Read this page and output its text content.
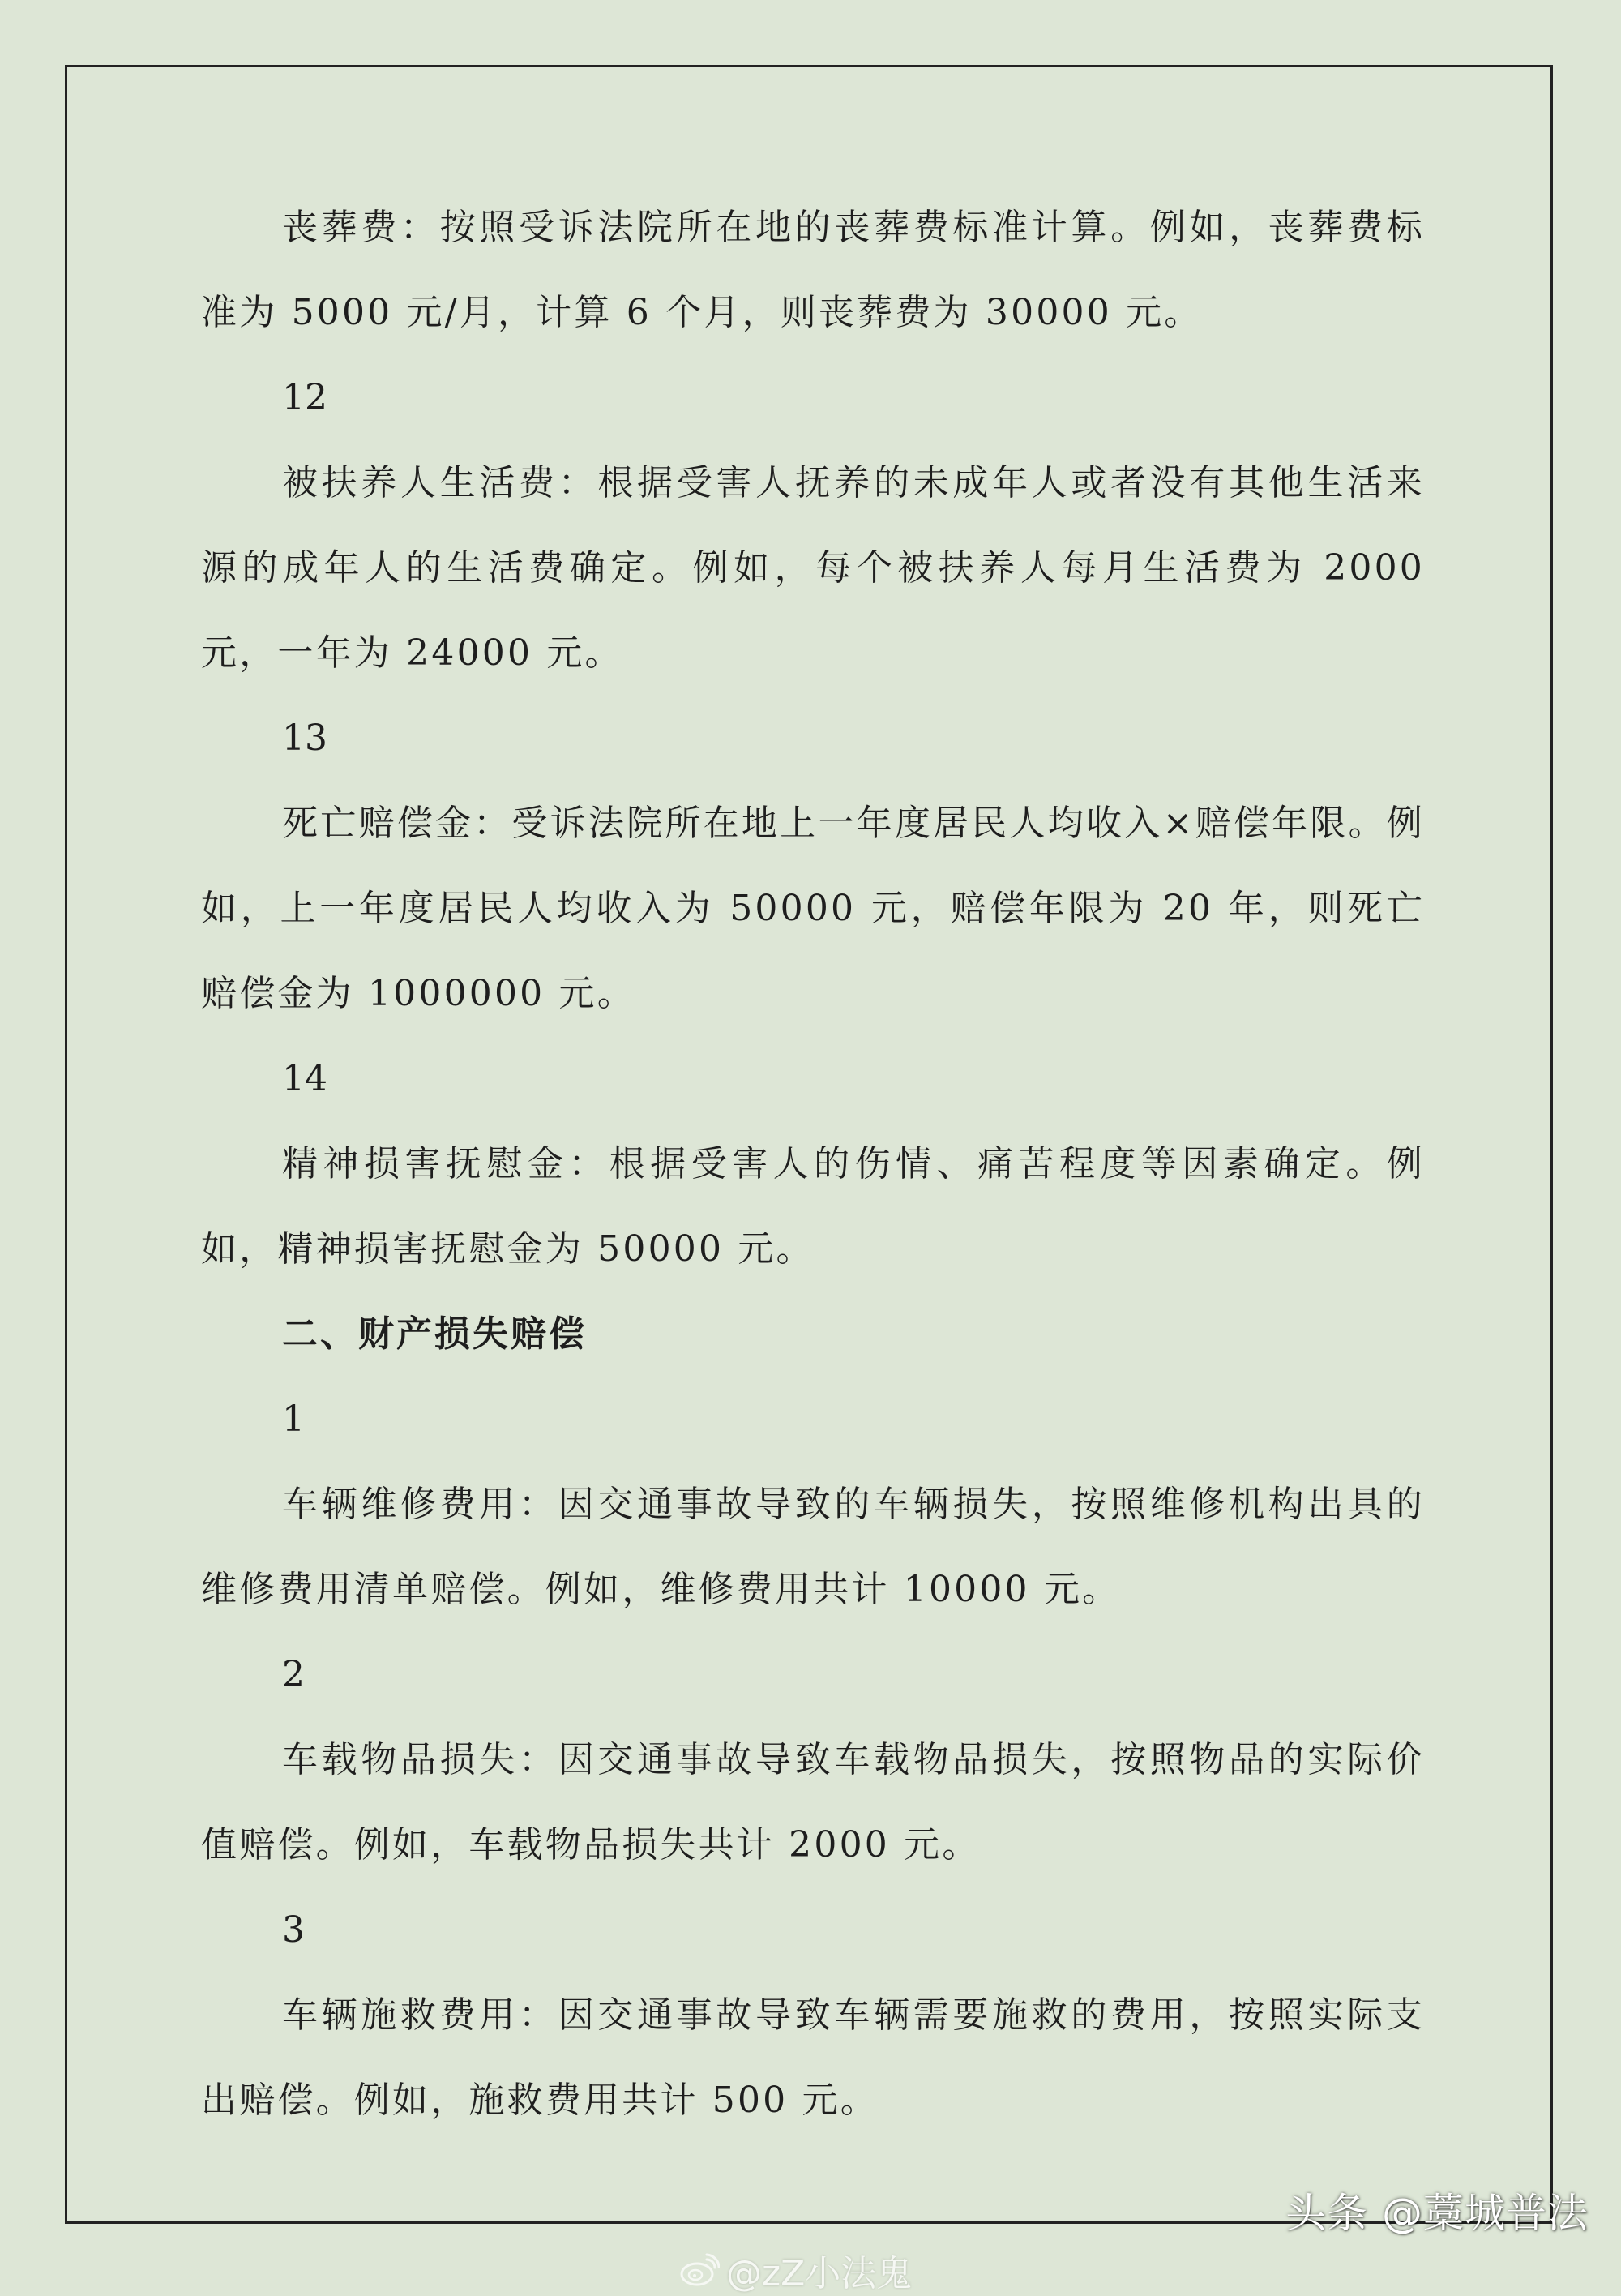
丧葬费：按照受诉法院所在地的丧葬费标准计算。例如，丧葬费标准为 5000 元/月，计算 6 个月，则丧葬费为 30000 元。

12

被扶养人生活费：根据受害人抚养的未成年人或者没有其他生活来源的成年人的生活费确定。例如，每个被扶养人每月生活费为 2000 元，一年为 24000 元。

13

死亡赔偿金：受诉法院所在地上一年度居民人均收入×赔偿年限。例如，上一年度居民人均收入为 50000 元，赔偿年限为 20 年，则死亡赔偿金为 1000000 元。

14

精神损害抚慰金：根据受害人的伤情、痛苦程度等因素确定。例如，精神损害抚慰金为 50000 元。

二、财产损失赔偿

1

车辆维修费用：因交通事故导致的车辆损失，按照维修机构出具的维修费用清单赔偿。例如，维修费用共计 10000 元。

2

车载物品损失：因交通事故导致车载物品损失，按照物品的实际价值赔偿。例如，车载物品损失共计 2000 元。

3

车辆施救费用：因交通事故导致车辆需要施救的费用，按照实际支出赔偿。例如，施救费用共计 500 元。

@zZ小法鬼
头条 @藁城普法
